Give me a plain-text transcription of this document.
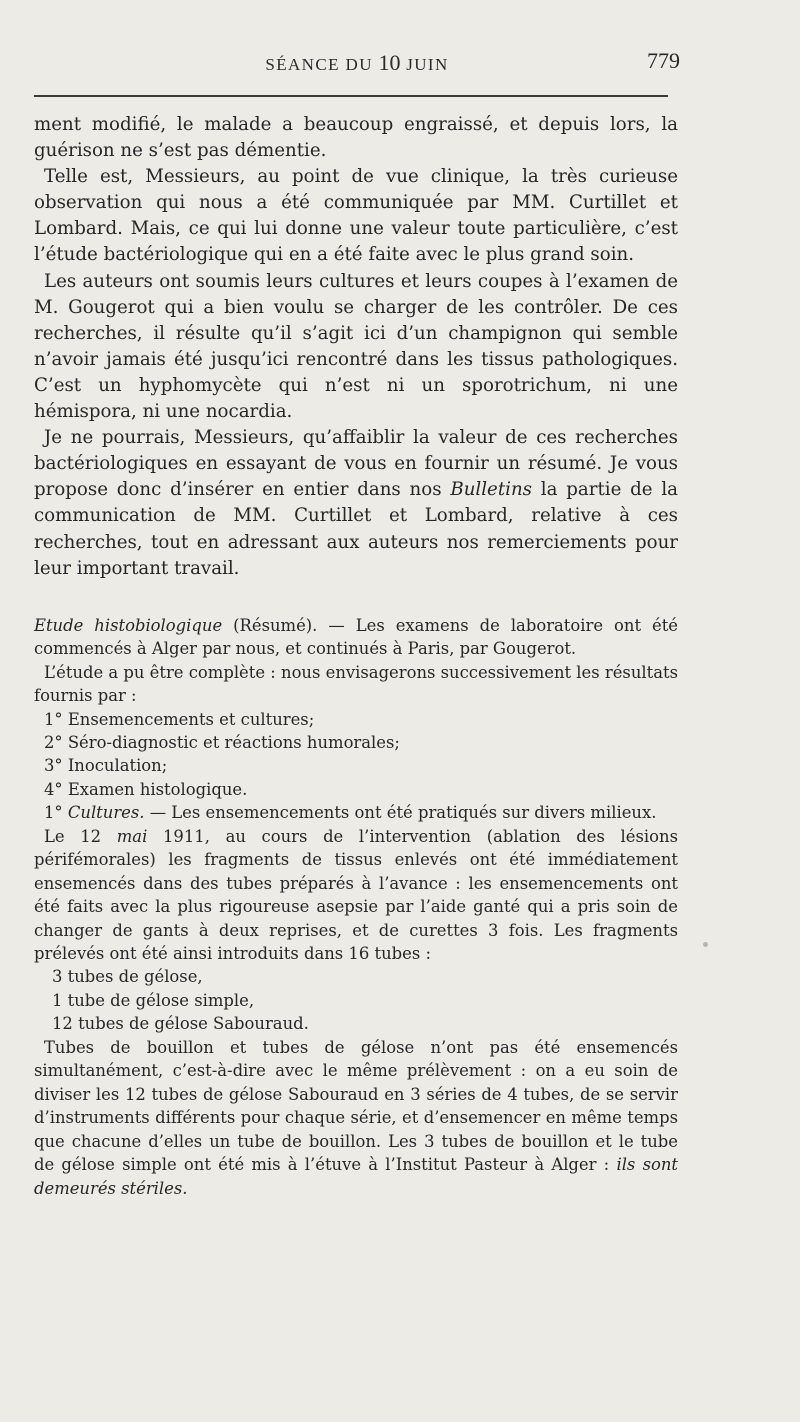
SÉANCE DU 10 JUIN	779

ment modifié, le malade a beaucoup engraissé, et depuis lors, la guérison ne s’est pas démentie.

Telle est, Messieurs, au point de vue clinique, la très curieuse observation qui nous a été communiquée par MM. Curtillet et Lombard. Mais, ce qui lui donne une valeur toute particulière, c’est l’étude bactériologique qui en a été faite avec le plus grand soin.

Les auteurs ont soumis leurs cultures et leurs coupes à l’examen de M. Gougerot qui a bien voulu se charger de les contrôler. De ces recherches, il résulte qu’il s’agit ici d’un champignon qui semble n’avoir jamais été jusqu’ici rencontré dans les tissus pathologiques. C’est un hyphomycète qui n’est ni un sporotrichum, ni une hémispora, ni une nocardia.

Je ne pourrais, Messieurs, qu’affaiblir la valeur de ces recherches bactériologiques en essayant de vous en fournir un résumé. Je vous propose donc d’insérer en entier dans nos Bulletins la partie de la communication de MM. Curtillet et Lombard, relative à ces recherches, tout en adressant aux auteurs nos remerciements pour leur important travail.

Etude histobiologique (Résumé). — Les examens de laboratoire ont été commencés à Alger par nous, et continués à Paris, par Gougerot.

L’étude a pu être complète : nous envisagerons successivement les résultats fournis par :

1° Ensemencements et cultures;

2° Séro-diagnostic et réactions humorales;

3° Inoculation;

4° Examen histologique.

1° Cultures. — Les ensemencements ont été pratiqués sur divers milieux.

Le 12 mai 1911, au cours de l’intervention (ablation des lésions périfémorales) les fragments de tissus enlevés ont été immédiatement ensemencés dans des tubes préparés à l’avance : les ensemencements ont été faits avec la plus rigoureuse asepsie par l’aide ganté qui a pris soin de changer de gants à deux reprises, et de curettes 3 fois. Les fragments prélevés ont été ainsi introduits dans 16 tubes :

3 tubes de gélose,

1 tube de gélose simple,

12 tubes de gélose Sabouraud.

Tubes de bouillon et tubes de gélose n’ont pas été ensemencés simultanément, c’est-à-dire avec le même prélèvement : on a eu soin de diviser les 12 tubes de gélose Sabouraud en 3 séries de 4 tubes, de se servir d’instruments différents pour chaque série, et d’ensemencer en même temps que chacune d’elles un tube de bouillon. Les 3 tubes de bouillon et le tube de gélose simple ont été mis à l’étuve à l’Institut Pasteur à Alger : ils sont demeurés stériles.
